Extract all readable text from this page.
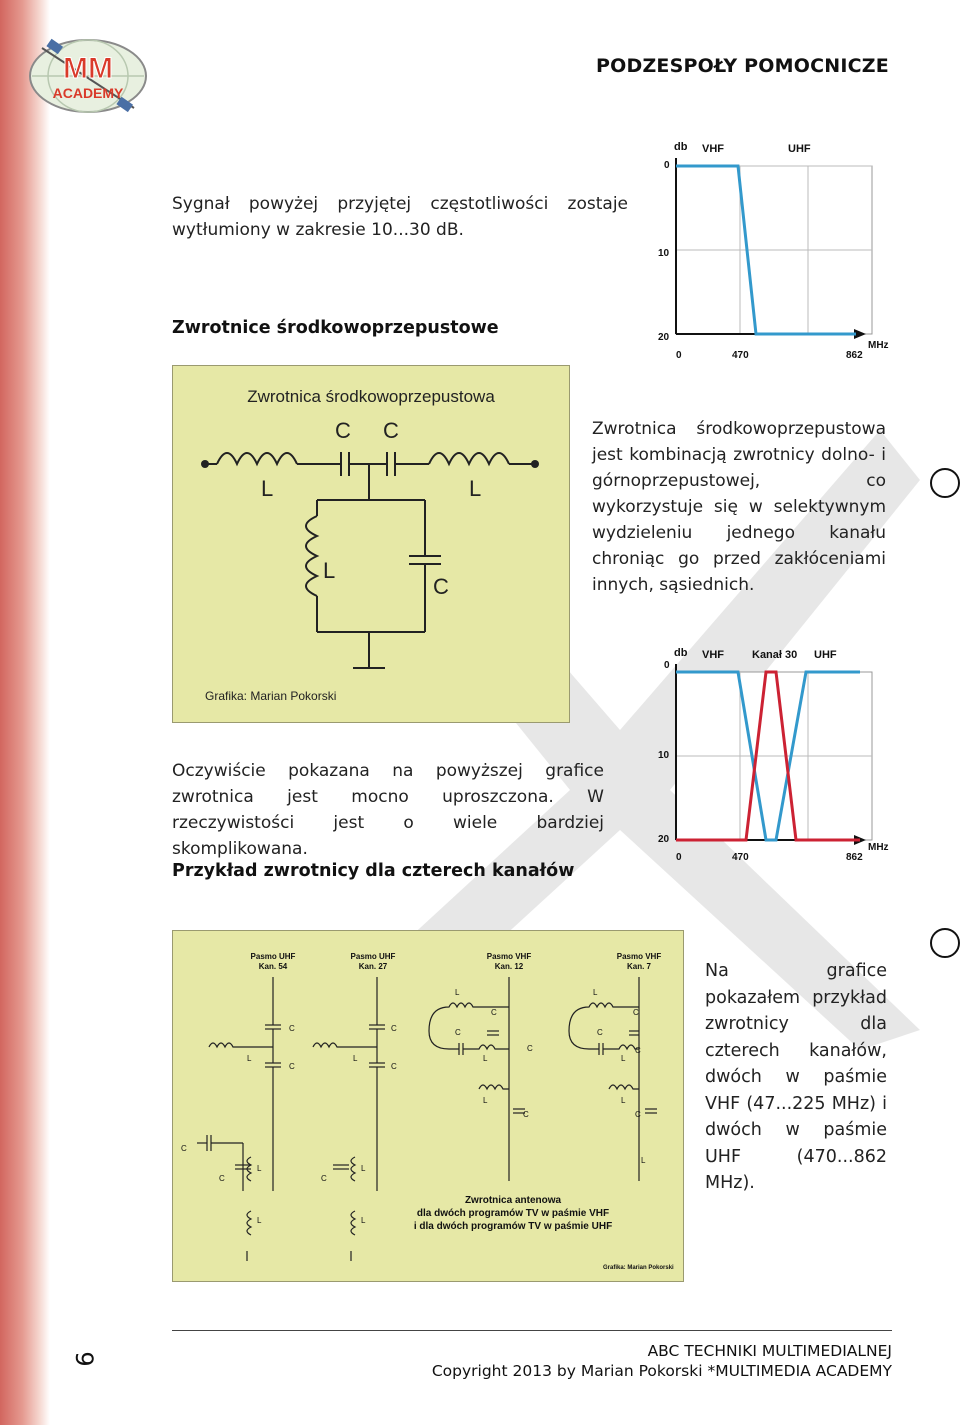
MM
ACADEMY
PODZESPOŁY POMOCNICZE
Sygnał powyżej przyjętej częstotliwości zostaje wytłumiony w zakresie 10...30 dB.
Zwrotnice środkowoprzepustowe
db VHF	UHF
0
10
20
0	470	862
MHz
Zwrotnica środkowoprzepustowa
C C
L	L
L
C
Grafika: Marian Pokorski
Zwrotnica środkowoprzepustowa jest kombinacją zwrotnicy dolno- i górnoprzepustowej, co wykorzystuje się w selektywnym wydzieleniu jednego kanału chroniąc go przed zakłóceniami innych, sąsiednich.
db VHF	Kanał 30 UHF
0
10
20
0	470	862
MHz
Oczywiście pokazana na powyższej grafice zwrotnica jest mocno uproszczona. W rzeczywistości jest o wiele bardziej skomplikowana.
Przykład zwrotnicy dla czterech kanałów
Pasmo UHF
Kan. 54
Pasmo UHF
Kan. 27
Pasmo VHF
Kan. 12
Pasmo VHF
Kan. 7
C
C
L
C
C
L
L
C
C
L
C
L
C
L
C
C
L
C
L
C
L
C
C
L
L
C
L
L
Zwrotnica antenowa
dla dwóch programów TV w paśmie VHF
i dla dwóch programów TV w paśmie UHF
Grafika: Marian Pokorski
Na grafice pokazałem przykład zwrotnicy dla czterech kanałów, dwóch w paśmie VHF (47...225 MHz) i dwóch w paśmie UHF (470...862 MHz).
6	ABC TECHNIKI MULTIMEDIALNEJ
Copyright 2013 by Marian Pokorski *MULTIMEDIA ACADEMY
